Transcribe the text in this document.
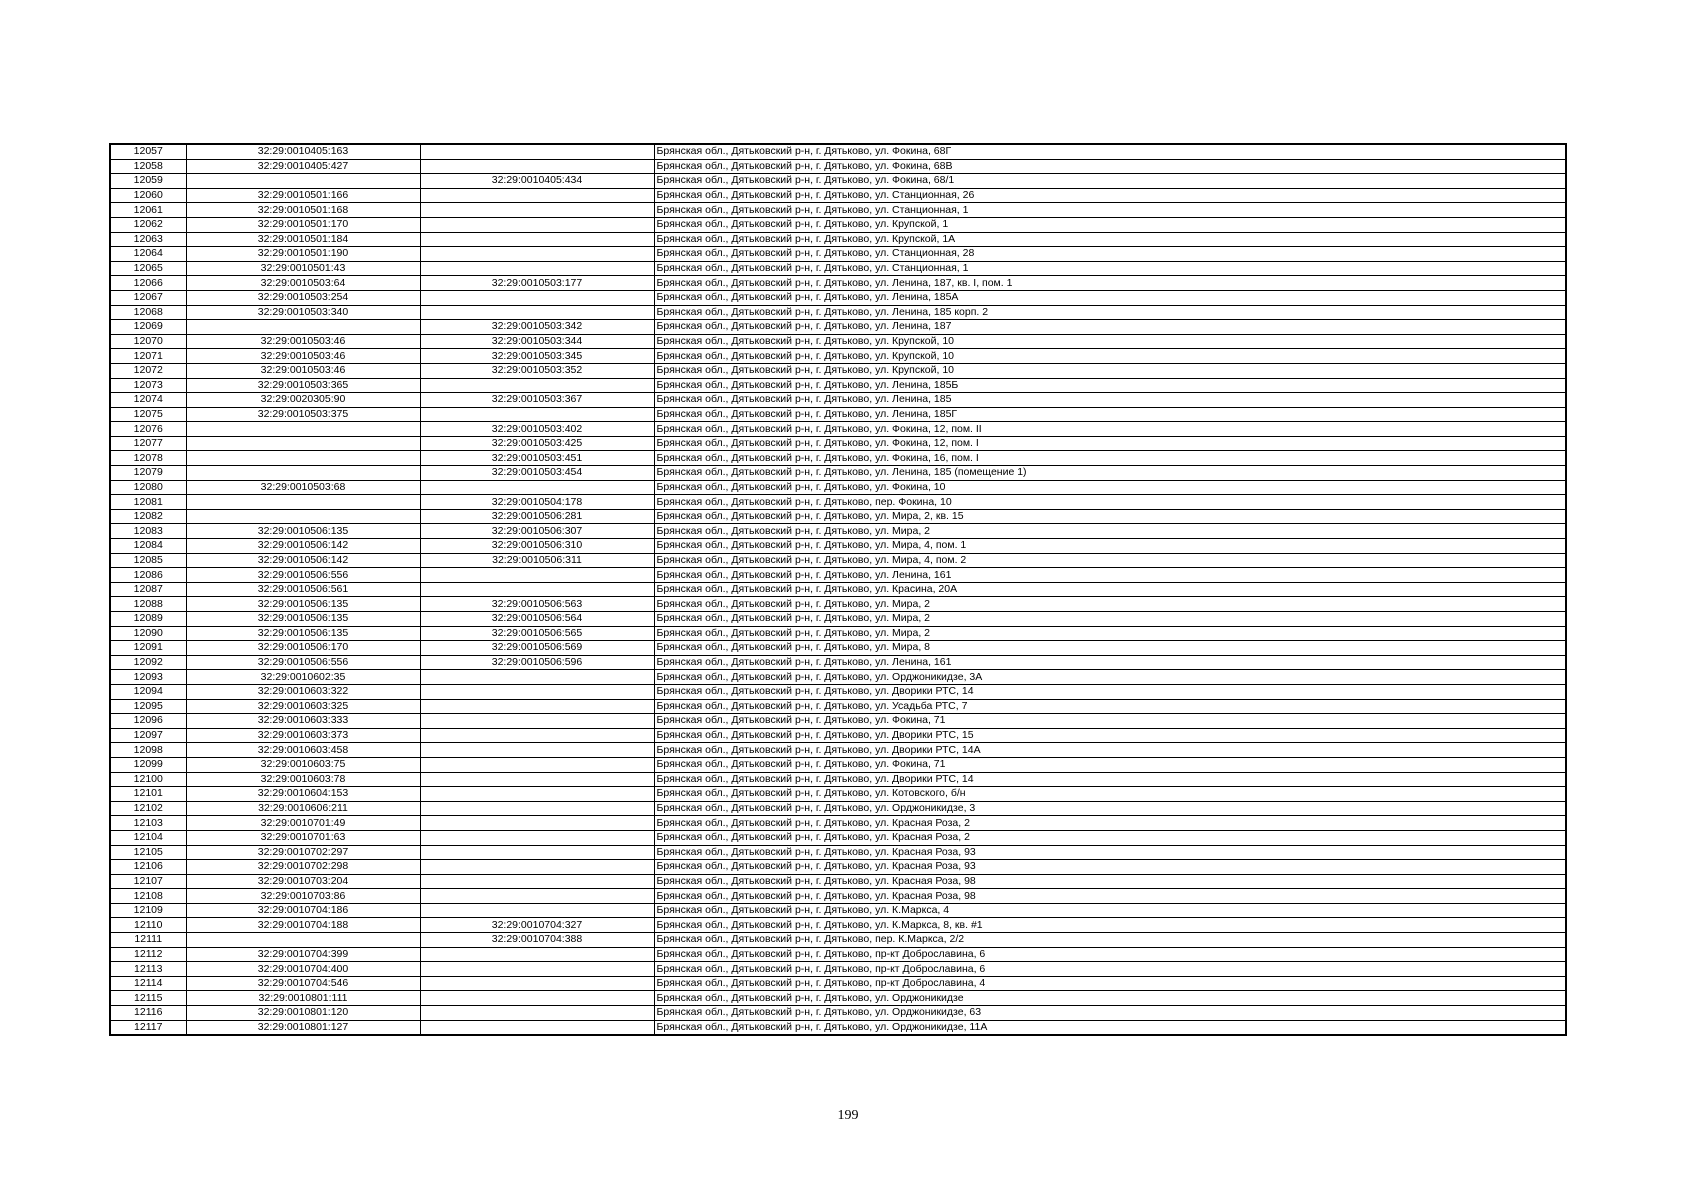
12057	32:29:0010405:163		Брянская обл., Дятьковский р-н, г. Дятьково, ул. Фокина, 68Г
12058	32:29:0010405:427		Брянская обл., Дятьковский р-н, г. Дятьково, ул. Фокина, 68В
12059		32:29:0010405:434	Брянская обл., Дятьковский р-н, г. Дятьково, ул. Фокина, 68/1
12060	32:29:0010501:166		Брянская обл., Дятьковский р-н, г. Дятьково, ул. Станционная, 26
12061	32:29:0010501:168		Брянская обл., Дятьковский р-н, г. Дятьково, ул. Станционная, 1
12062	32:29:0010501:170		Брянская обл., Дятьковский р-н, г. Дятьково, ул. Крупской, 1
12063	32:29:0010501:184		Брянская обл., Дятьковский р-н, г. Дятьково, ул. Крупской, 1А
12064	32:29:0010501:190		Брянская обл., Дятьковский р-н, г. Дятьково, ул. Станционная, 28
12065	32:29:0010501:43		Брянская обл., Дятьковский р-н, г. Дятьково, ул. Станционная, 1
12066	32:29:0010503:64	32:29:0010503:177	Брянская обл., Дятьковский р-н, г. Дятьково, ул. Ленина, 187, кв. I, пом. 1
12067	32:29:0010503:254		Брянская обл., Дятьковский р-н, г. Дятьково, ул. Ленина, 185А
12068	32:29:0010503:340		Брянская обл., Дятьковский р-н, г. Дятьково, ул. Ленина, 185 корп. 2
12069		32:29:0010503:342	Брянская обл., Дятьковский р-н, г. Дятьково, ул. Ленина, 187
12070	32:29:0010503:46	32:29:0010503:344	Брянская обл., Дятьковский р-н, г. Дятьково, ул. Крупской, 10
12071	32:29:0010503:46	32:29:0010503:345	Брянская обл., Дятьковский р-н, г. Дятьково, ул. Крупской, 10
12072	32:29:0010503:46	32:29:0010503:352	Брянская обл., Дятьковский р-н, г. Дятьково, ул. Крупской, 10
12073	32:29:0010503:365		Брянская обл., Дятьковский р-н, г. Дятьково, ул. Ленина, 185Б
12074	32:29:0020305:90	32:29:0010503:367	Брянская обл., Дятьковский р-н, г. Дятьково, ул. Ленина, 185
12075	32:29:0010503:375		Брянская обл., Дятьковский р-н, г. Дятьково, ул. Ленина, 185Г
12076		32:29:0010503:402	Брянская обл., Дятьковский р-н, г. Дятьково, ул. Фокина, 12, пом. II
12077		32:29:0010503:425	Брянская обл., Дятьковский р-н, г. Дятьково, ул. Фокина, 12, пом. I
12078		32:29:0010503:451	Брянская обл., Дятьковский р-н, г. Дятьково, ул. Фокина, 16, пом. I
12079		32:29:0010503:454	Брянская обл., Дятьковский р-н, г. Дятьково, ул. Ленина, 185 (помещение 1)
12080	32:29:0010503:68		Брянская обл., Дятьковский р-н, г. Дятьково, ул. Фокина, 10
12081		32:29:0010504:178	Брянская обл., Дятьковский р-н, г. Дятьково, пер. Фокина, 10
12082		32:29:0010506:281	Брянская обл., Дятьковский р-н, г. Дятьково, ул. Мира, 2, кв. 15
12083	32:29:0010506:135	32:29:0010506:307	Брянская обл., Дятьковский р-н, г. Дятьково, ул. Мира, 2
12084	32:29:0010506:142	32:29:0010506:310	Брянская обл., Дятьковский р-н, г. Дятьково, ул. Мира, 4, пом. 1
12085	32:29:0010506:142	32:29:0010506:311	Брянская обл., Дятьковский р-н, г. Дятьково, ул. Мира, 4, пом. 2
12086	32:29:0010506:556		Брянская обл., Дятьковский р-н, г. Дятьково, ул. Ленина, 161
12087	32:29:0010506:561		Брянская обл., Дятьковский р-н, г. Дятьково, ул. Красина, 20А
12088	32:29:0010506:135	32:29:0010506:563	Брянская обл., Дятьковский р-н, г. Дятьково, ул. Мира, 2
12089	32:29:0010506:135	32:29:0010506:564	Брянская обл., Дятьковский р-н, г. Дятьково, ул. Мира, 2
12090	32:29:0010506:135	32:29:0010506:565	Брянская обл., Дятьковский р-н, г. Дятьково, ул. Мира, 2
12091	32:29:0010506:170	32:29:0010506:569	Брянская обл., Дятьковский р-н, г. Дятьково, ул. Мира, 8
12092	32:29:0010506:556	32:29:0010506:596	Брянская обл., Дятьковский р-н, г. Дятьково, ул. Ленина, 161
12093	32:29:0010602:35		Брянская обл., Дятьковский р-н, г. Дятьково, ул. Орджоникидзе, 3А
12094	32:29:0010603:322		Брянская обл., Дятьковский р-н, г. Дятьково, ул. Дворики РТС, 14
12095	32:29:0010603:325		Брянская обл., Дятьковский р-н, г. Дятьково, ул. Усадьба РТС, 7
12096	32:29:0010603:333		Брянская обл., Дятьковский р-н, г. Дятьково, ул. Фокина, 71
12097	32:29:0010603:373		Брянская обл., Дятьковский р-н, г. Дятьково, ул. Дворики РТС, 15
12098	32:29:0010603:458		Брянская обл., Дятьковский р-н, г. Дятьково, ул. Дворики РТС, 14А
12099	32:29:0010603:75		Брянская обл., Дятьковский р-н, г. Дятьково, ул. Фокина, 71
12100	32:29:0010603:78		Брянская обл., Дятьковский р-н, г. Дятьково, ул. Дворики РТС, 14
12101	32:29:0010604:153		Брянская обл., Дятьковский р-н, г. Дятьково, ул. Котовского, б/н
12102	32:29:0010606:211		Брянская обл., Дятьковский р-н, г. Дятьково, ул. Орджоникидзе, 3
12103	32:29:0010701:49		Брянская обл., Дятьковский р-н, г. Дятьково, ул. Красная Роза, 2
12104	32:29:0010701:63		Брянская обл., Дятьковский р-н, г. Дятьково, ул. Красная Роза, 2
12105	32:29:0010702:297		Брянская обл., Дятьковский р-н, г. Дятьково, ул. Красная Роза, 93
12106	32:29:0010702:298		Брянская обл., Дятьковский р-н, г. Дятьково, ул. Красная Роза, 93
12107	32:29:0010703:204		Брянская обл., Дятьковский р-н, г. Дятьково, ул. Красная Роза, 98
12108	32:29:0010703:86		Брянская обл., Дятьковский р-н, г. Дятьково, ул. Красная Роза, 98
12109	32:29:0010704:186		Брянская обл., Дятьковский р-н, г. Дятьково, ул. К.Маркса, 4
12110	32:29:0010704:188	32:29:0010704:327	Брянская обл., Дятьковский р-н, г. Дятьково, ул. К.Маркса, 8, кв. #1
12111		32:29:0010704:388	Брянская обл., Дятьковский р-н, г. Дятьково, пер. К.Маркса, 2/2
12112	32:29:0010704:399		Брянская обл., Дятьковский р-н, г. Дятьково, пр-кт Доброславина, 6
12113	32:29:0010704:400		Брянская обл., Дятьковский р-н, г. Дятьково, пр-кт Доброславина, 6
12114	32:29:0010704:546		Брянская обл., Дятьковский р-н, г. Дятьково, пр-кт Доброславина, 4
12115	32:29:0010801:111		Брянская обл., Дятьковский р-н, г. Дятьково, ул. Орджоникидзе
12116	32:29:0010801:120		Брянская обл., Дятьковский р-н, г. Дятьково, ул. Орджоникидзе, 63
12117	32:29:0010801:127		Брянская обл., Дятьковский р-н, г. Дятьково, ул. Орджоникидзе, 11А
199
